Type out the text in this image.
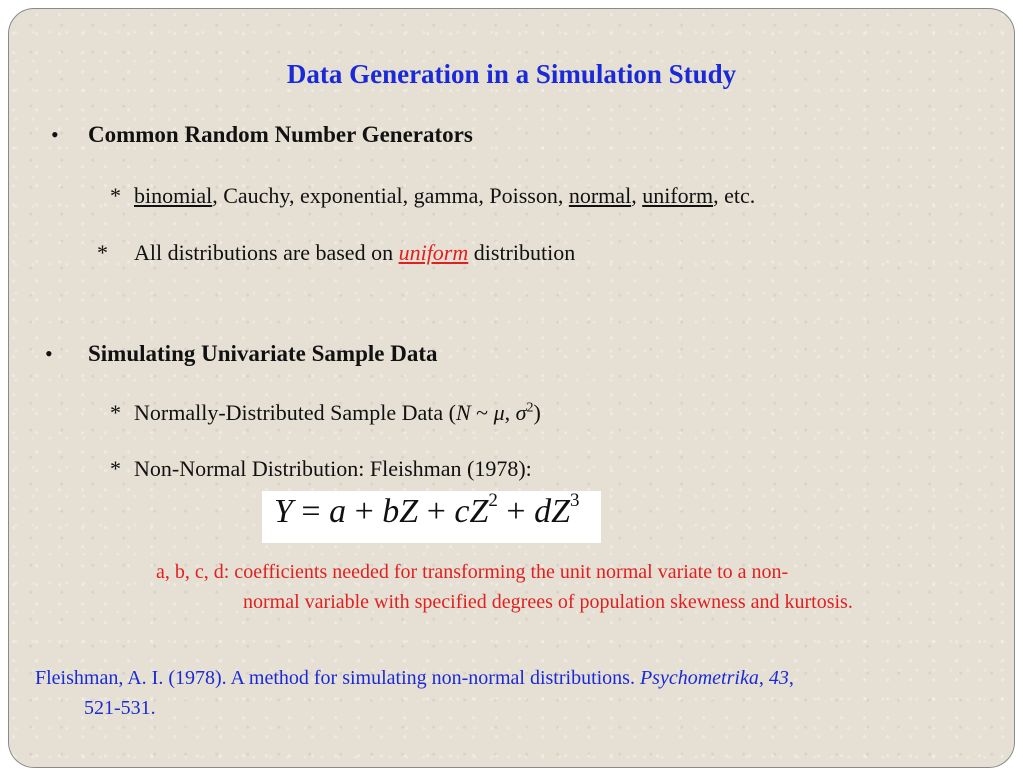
Data Generation in a Simulation Study
• Common Random Number Generators
* binomial, Cauchy, exponential, gamma, Poisson, normal, uniform, etc.
* All distributions are based on uniform distribution
• Simulating Univariate Sample Data
* Normally-Distributed Sample Data (N ~ μ, $\sigma^2$)
* Non-Normal Distribution: Fleishman (1978):
Y = a + bZ + $cZ^2 + dZ^3$
a, b, c, d: coefficients needed for transforming the unit normal variate to a non-
normal variable with specified degrees of population skewness and kurtosis.
Fleishman, A. I. (1978). A method for simulating non-normal distributions. Psychometrika, 43,
521-531.
